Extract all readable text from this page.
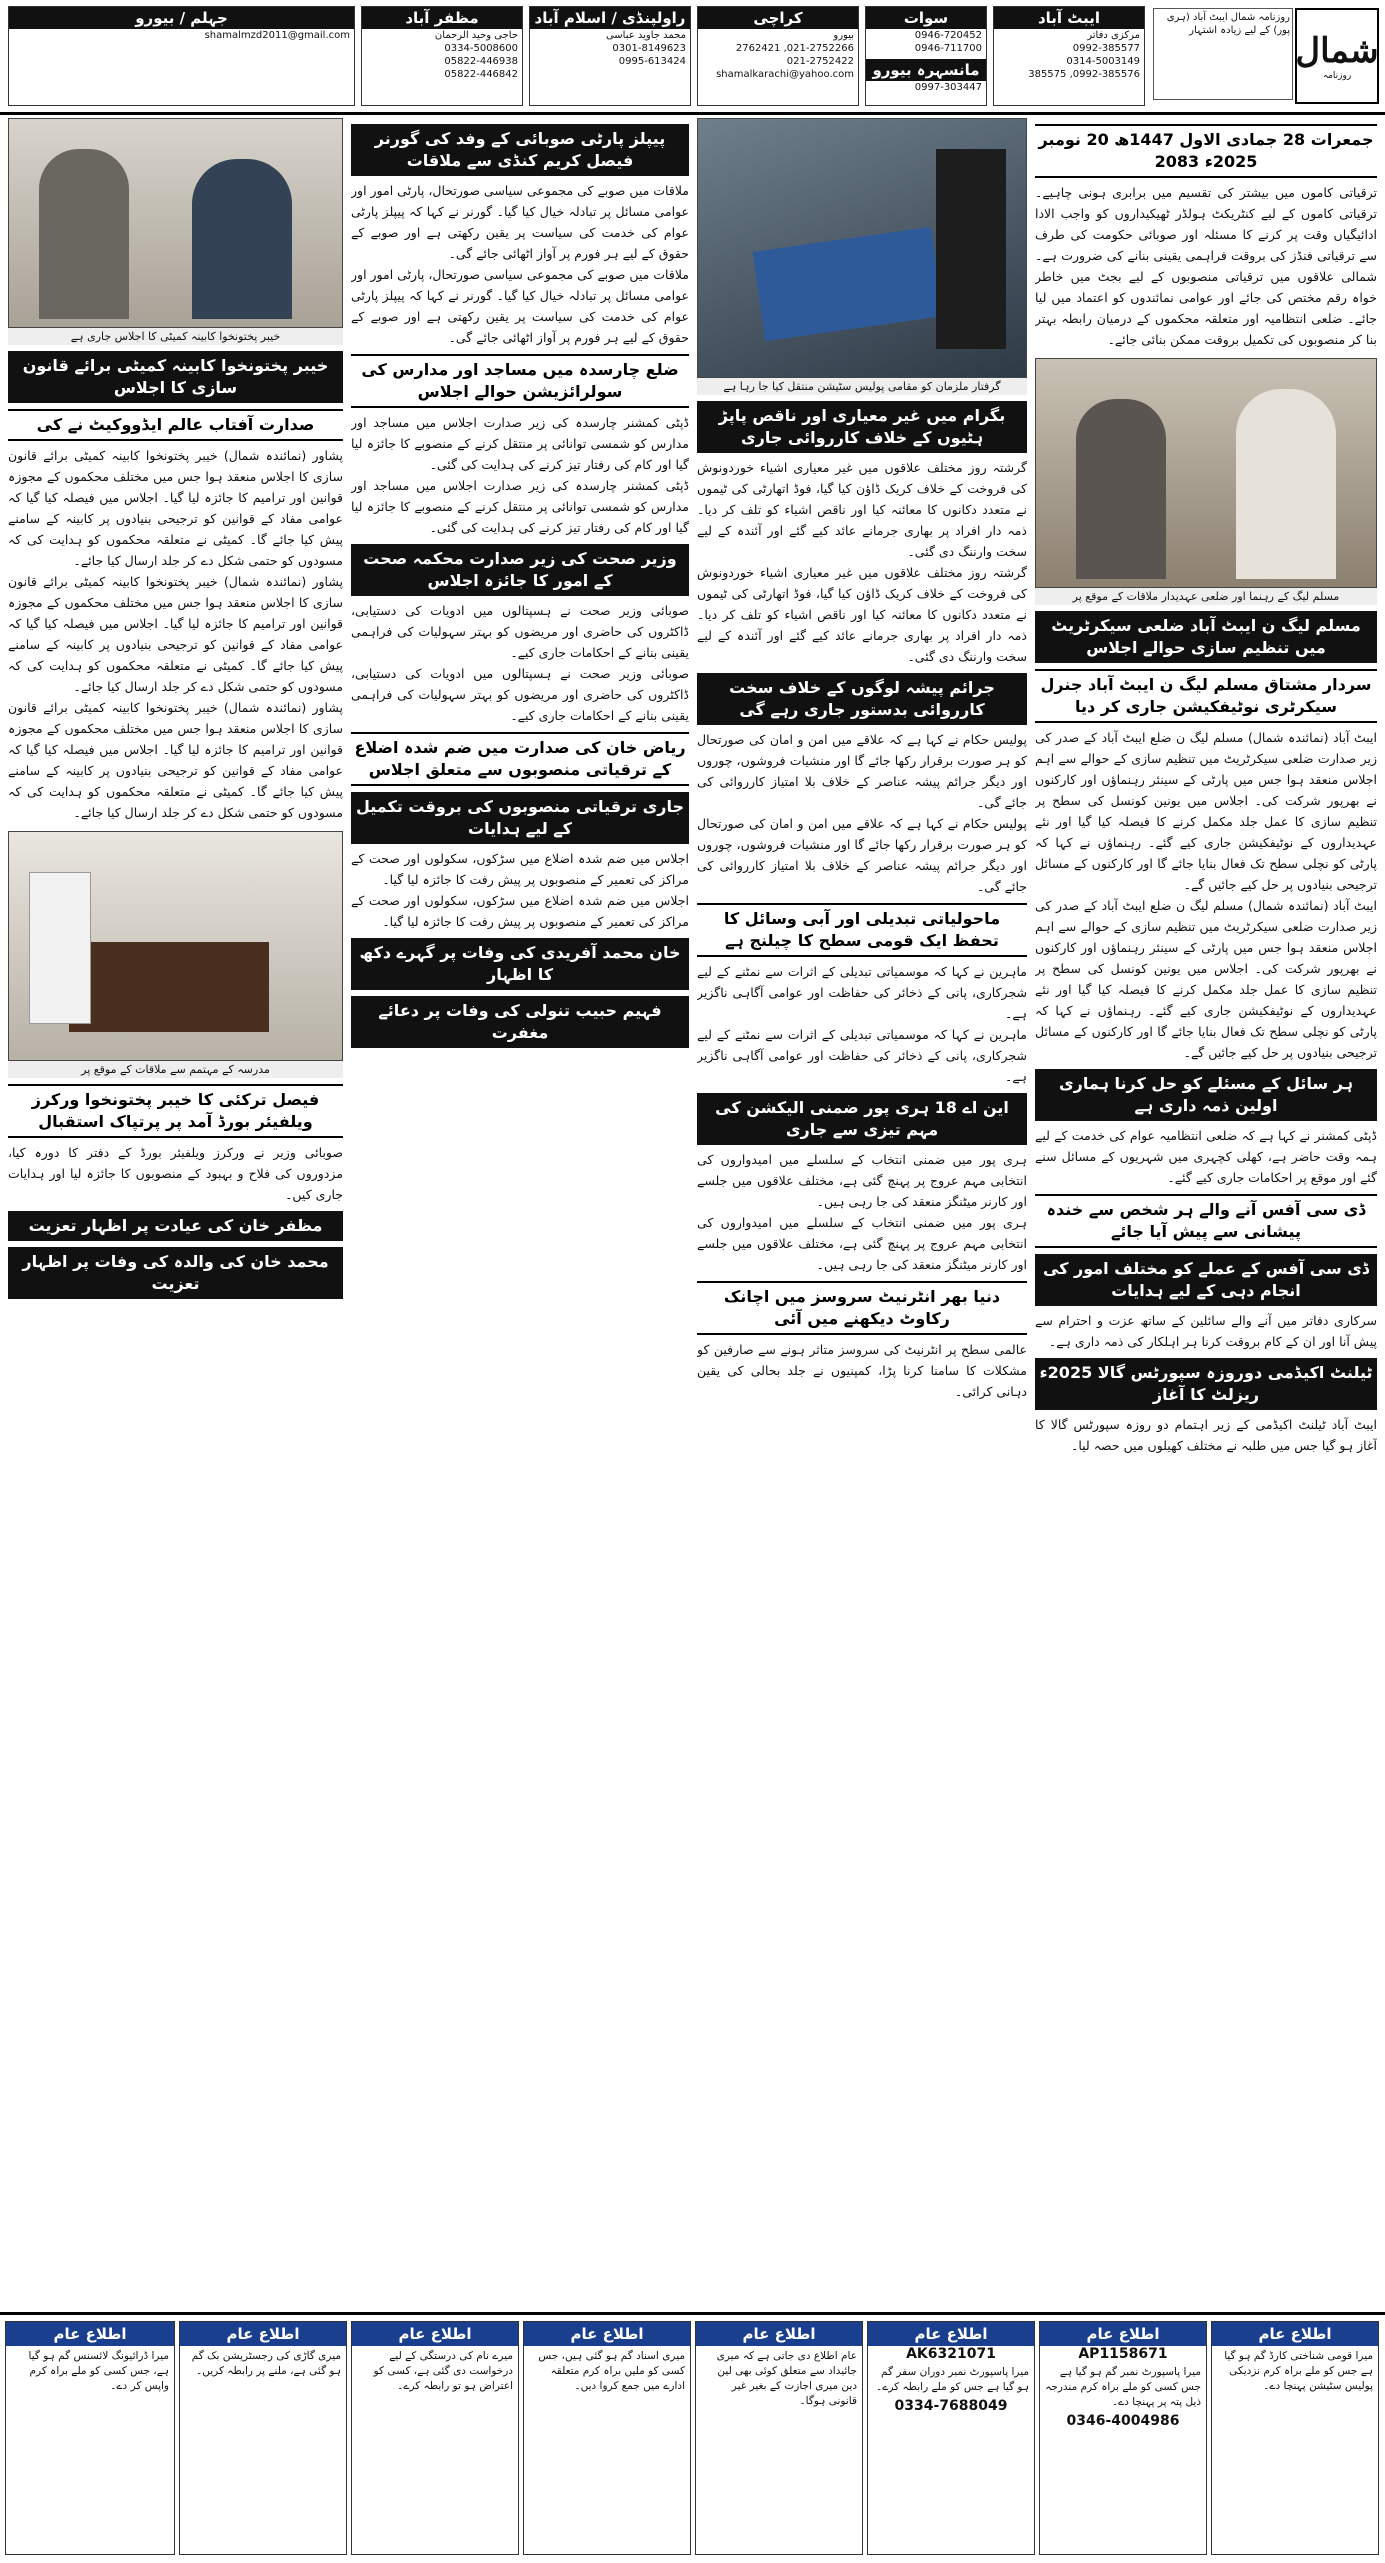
شمال
روزنامہ
روزنامہ شمال ایبٹ آباد (ہری پور) کے لیے زیادہ اشتہار
ایبٹ آباد
مرکزی دفاتر
0992-385577
0314-5003149
0992-385576, 385575
سوات
0946-720452
0946-711700
مانسہرہ بیورو
0997-303447
کراچی
بیورو
021-2752266, 2762421
021-2752422
shamalkarachi@yahoo.com
راولپنڈی / اسلام آباد
محمد جاوید عباسی
0301-8149623
0995-613424
مظفر آباد
حاجی وحید الرحمان
0334-5008600
05822-446938
05822-446842
جہلم / بیورو
shamalmzd2011@gmail.com
جمعرات 28 جمادی الاول 1447ھ 20 نومبر 2025ء 2083

ترقیاتی کاموں میں بیشتر کی تقسیم میں برابری ہونی چاہیے۔ ترقیاتی کاموں کے لیے کنٹریکٹ ہولڈر ٹھیکیداروں کو واجب الادا ادائیگیاں وقت پر کرنے کا مسئلہ اور صوبائی حکومت کی طرف سے ترقیاتی فنڈز کی بروقت فراہمی یقینی بنانے کی ضرورت ہے۔ شمالی علاقوں میں ترقیاتی منصوبوں کے لیے بجٹ میں خاطر خواہ رقم مختص کی جائے اور عوامی نمائندوں کو اعتماد میں لیا جائے۔ ضلعی انتظامیہ اور متعلقہ محکموں کے درمیان رابطہ بہتر بنا کر منصوبوں کی تکمیل بروقت ممکن بنائی جائے۔

مسلم لیگ کے رہنما اور ضلعی عہدیدار ملاقات کے موقع پر
مسلم لیگ ن ایبٹ آباد ضلعی سیکرٹریٹ میں تنظیم سازی حوالے اجلاس
سردار مشتاق مسلم لیگ ن ایبٹ آباد جنرل سیکرٹری نوٹیفکیشن جاری کر دیا

ایبٹ آباد (نمائندہ شمال) مسلم لیگ ن ضلع ایبٹ آباد کے صدر کی زیر صدارت ضلعی سیکرٹریٹ میں تنظیم سازی کے حوالے سے اہم اجلاس منعقد ہوا جس میں پارٹی کے سینئر رہنماؤں اور کارکنوں نے بھرپور شرکت کی۔ اجلاس میں یونین کونسل کی سطح پر تنظیم سازی کا عمل جلد مکمل کرنے کا فیصلہ کیا گیا اور نئے عہدیداروں کے نوٹیفکیشن جاری کیے گئے۔ رہنماؤں نے کہا کہ پارٹی کو نچلی سطح تک فعال بنایا جائے گا اور کارکنوں کے مسائل ترجیحی بنیادوں پر حل کیے جائیں گے۔

ایبٹ آباد (نمائندہ شمال) مسلم لیگ ن ضلع ایبٹ آباد کے صدر کی زیر صدارت ضلعی سیکرٹریٹ میں تنظیم سازی کے حوالے سے اہم اجلاس منعقد ہوا جس میں پارٹی کے سینئر رہنماؤں اور کارکنوں نے بھرپور شرکت کی۔ اجلاس میں یونین کونسل کی سطح پر تنظیم سازی کا عمل جلد مکمل کرنے کا فیصلہ کیا گیا اور نئے عہدیداروں کے نوٹیفکیشن جاری کیے گئے۔ رہنماؤں نے کہا کہ پارٹی کو نچلی سطح تک فعال بنایا جائے گا اور کارکنوں کے مسائل ترجیحی بنیادوں پر حل کیے جائیں گے۔

ہر سائل کے مسئلے کو حل کرنا ہماری اولین ذمہ داری ہے

ڈپٹی کمشنر نے کہا ہے کہ ضلعی انتظامیہ عوام کی خدمت کے لیے ہمہ وقت حاضر ہے، کھلی کچہری میں شہریوں کے مسائل سنے گئے اور موقع پر احکامات جاری کیے گئے۔

ڈی سی آفس آنے والے ہر شخص سے خندہ پیشانی سے پیش آیا جائے
ڈی سی آفس کے عملے کو مختلف امور کی انجام دہی کے لیے ہدایات

سرکاری دفاتر میں آنے والے سائلین کے ساتھ عزت و احترام سے پیش آنا اور ان کے کام بروقت کرنا ہر اہلکار کی ذمہ داری ہے۔

ٹیلنٹ اکیڈمی دوروزہ سپورٹس گالا 2025ء ریزلٹ کا آغاز

ایبٹ آباد ٹیلنٹ اکیڈمی کے زیر اہتمام دو روزہ سپورٹس گالا کا آغاز ہو گیا جس میں طلبہ نے مختلف کھیلوں میں حصہ لیا۔

گرفتار ملزمان کو مقامی پولیس سٹیشن منتقل کیا جا رہا ہے
بگرام میں غیر معیاری اور ناقص پاپڑ ہٹیوں کے خلاف کارروائی جاری

گرشتہ روز مختلف علاقوں میں غیر معیاری اشیاء خوردونوش کی فروخت کے خلاف کریک ڈاؤن کیا گیا، فوڈ اتھارٹی کی ٹیموں نے متعدد دکانوں کا معائنہ کیا اور ناقص اشیاء کو تلف کر دیا۔ ذمہ دار افراد پر بھاری جرمانے عائد کیے گئے اور آئندہ کے لیے سخت وارننگ دی گئی۔

گرشتہ روز مختلف علاقوں میں غیر معیاری اشیاء خوردونوش کی فروخت کے خلاف کریک ڈاؤن کیا گیا، فوڈ اتھارٹی کی ٹیموں نے متعدد دکانوں کا معائنہ کیا اور ناقص اشیاء کو تلف کر دیا۔ ذمہ دار افراد پر بھاری جرمانے عائد کیے گئے اور آئندہ کے لیے سخت وارننگ دی گئی۔

جرائم پیشہ لوگوں کے خلاف سخت کارروائی بدستور جاری رہے گی

پولیس حکام نے کہا ہے کہ علاقے میں امن و امان کی صورتحال کو ہر صورت برقرار رکھا جائے گا اور منشیات فروشوں، چوروں اور دیگر جرائم پیشہ عناصر کے خلاف بلا امتیاز کارروائی کی جائے گی۔

پولیس حکام نے کہا ہے کہ علاقے میں امن و امان کی صورتحال کو ہر صورت برقرار رکھا جائے گا اور منشیات فروشوں، چوروں اور دیگر جرائم پیشہ عناصر کے خلاف بلا امتیاز کارروائی کی جائے گی۔

ماحولیاتی تبدیلی اور آبی وسائل کا تحفظ ایک قومی سطح کا چیلنج ہے

ماہرین نے کہا کہ موسمیاتی تبدیلی کے اثرات سے نمٹنے کے لیے شجرکاری، پانی کے ذخائر کی حفاظت اور عوامی آگاہی ناگزیر ہے۔

ماہرین نے کہا کہ موسمیاتی تبدیلی کے اثرات سے نمٹنے کے لیے شجرکاری، پانی کے ذخائر کی حفاظت اور عوامی آگاہی ناگزیر ہے۔

این اے 18 ہری پور ضمنی الیکشن کی مہم تیزی سے جاری

ہری پور میں ضمنی انتخاب کے سلسلے میں امیدواروں کی انتخابی مہم عروج پر پہنچ گئی ہے، مختلف علاقوں میں جلسے اور کارنر میٹنگز منعقد کی جا رہی ہیں۔

ہری پور میں ضمنی انتخاب کے سلسلے میں امیدواروں کی انتخابی مہم عروج پر پہنچ گئی ہے، مختلف علاقوں میں جلسے اور کارنر میٹنگز منعقد کی جا رہی ہیں۔

دنیا بھر انٹرنیٹ سروسز میں اچانک رکاوٹ دیکھنے میں آئی

عالمی سطح پر انٹرنیٹ کی سروسز متاثر ہونے سے صارفین کو مشکلات کا سامنا کرنا پڑا، کمپنیوں نے جلد بحالی کی یقین دہانی کرائی۔

پیپلز پارٹی صوبائی کے وفد کی گورنر فیصل کریم کنڈی سے ملاقات

ملاقات میں صوبے کی مجموعی سیاسی صورتحال، پارٹی امور اور عوامی مسائل پر تبادلہ خیال کیا گیا۔ گورنر نے کہا کہ پیپلز پارٹی عوام کی خدمت کی سیاست پر یقین رکھتی ہے اور صوبے کے حقوق کے لیے ہر فورم پر آواز اٹھائی جائے گی۔

ملاقات میں صوبے کی مجموعی سیاسی صورتحال، پارٹی امور اور عوامی مسائل پر تبادلہ خیال کیا گیا۔ گورنر نے کہا کہ پیپلز پارٹی عوام کی خدمت کی سیاست پر یقین رکھتی ہے اور صوبے کے حقوق کے لیے ہر فورم پر آواز اٹھائی جائے گی۔

ضلع چارسدہ میں مساجد اور مدارس کی سولرائزیشن حوالے اجلاس

ڈپٹی کمشنر چارسدہ کی زیر صدارت اجلاس میں مساجد اور مدارس کو شمسی توانائی پر منتقل کرنے کے منصوبے کا جائزہ لیا گیا اور کام کی رفتار تیز کرنے کی ہدایت کی گئی۔

ڈپٹی کمشنر چارسدہ کی زیر صدارت اجلاس میں مساجد اور مدارس کو شمسی توانائی پر منتقل کرنے کے منصوبے کا جائزہ لیا گیا اور کام کی رفتار تیز کرنے کی ہدایت کی گئی۔

وزیر صحت کی زیر صدارت محکمہ صحت کے امور کا جائزہ اجلاس

صوبائی وزیر صحت نے ہسپتالوں میں ادویات کی دستیابی، ڈاکٹروں کی حاضری اور مریضوں کو بہتر سہولیات کی فراہمی یقینی بنانے کے احکامات جاری کیے۔

صوبائی وزیر صحت نے ہسپتالوں میں ادویات کی دستیابی، ڈاکٹروں کی حاضری اور مریضوں کو بہتر سہولیات کی فراہمی یقینی بنانے کے احکامات جاری کیے۔

ریاض خان کی صدارت میں ضم شدہ اضلاع کے ترقیاتی منصوبوں سے متعلق اجلاس
جاری ترقیاتی منصوبوں کی بروقت تکمیل کے لیے ہدایات

اجلاس میں ضم شدہ اضلاع میں سڑکوں، سکولوں اور صحت کے مراکز کی تعمیر کے منصوبوں پر پیش رفت کا جائزہ لیا گیا۔

اجلاس میں ضم شدہ اضلاع میں سڑکوں، سکولوں اور صحت کے مراکز کی تعمیر کے منصوبوں پر پیش رفت کا جائزہ لیا گیا۔

خان محمد آفریدی کی وفات پر گہرے دکھ کا اظہار
فہیم حبیب تنولی کی وفات پر دعائے مغفرت
خیبر پختونخوا کابینہ کمیٹی کا اجلاس جاری ہے
خیبر پختونخوا کابینہ کمیٹی برائے قانون سازی کا اجلاس
صدارت آفتاب عالم ایڈووکیٹ نے کی

پشاور (نمائندہ شمال) خیبر پختونخوا کابینہ کمیٹی برائے قانون سازی کا اجلاس منعقد ہوا جس میں مختلف محکموں کے مجوزہ قوانین اور ترامیم کا جائزہ لیا گیا۔ اجلاس میں فیصلہ کیا گیا کہ عوامی مفاد کے قوانین کو ترجیحی بنیادوں پر کابینہ کے سامنے پیش کیا جائے گا۔ کمیٹی نے متعلقہ محکموں کو ہدایت کی کہ مسودوں کو حتمی شکل دے کر جلد ارسال کیا جائے۔

پشاور (نمائندہ شمال) خیبر پختونخوا کابینہ کمیٹی برائے قانون سازی کا اجلاس منعقد ہوا جس میں مختلف محکموں کے مجوزہ قوانین اور ترامیم کا جائزہ لیا گیا۔ اجلاس میں فیصلہ کیا گیا کہ عوامی مفاد کے قوانین کو ترجیحی بنیادوں پر کابینہ کے سامنے پیش کیا جائے گا۔ کمیٹی نے متعلقہ محکموں کو ہدایت کی کہ مسودوں کو حتمی شکل دے کر جلد ارسال کیا جائے۔

پشاور (نمائندہ شمال) خیبر پختونخوا کابینہ کمیٹی برائے قانون سازی کا اجلاس منعقد ہوا جس میں مختلف محکموں کے مجوزہ قوانین اور ترامیم کا جائزہ لیا گیا۔ اجلاس میں فیصلہ کیا گیا کہ عوامی مفاد کے قوانین کو ترجیحی بنیادوں پر کابینہ کے سامنے پیش کیا جائے گا۔ کمیٹی نے متعلقہ محکموں کو ہدایت کی کہ مسودوں کو حتمی شکل دے کر جلد ارسال کیا جائے۔

مدرسہ کے مہتمم سے ملاقات کے موقع پر
فیصل ترکئی کا خیبر پختونخوا ورکرز ویلفیئر بورڈ آمد پر پرتپاک استقبال

صوبائی وزیر نے ورکرز ویلفیئر بورڈ کے دفتر کا دورہ کیا، مزدوروں کی فلاح و بہبود کے منصوبوں کا جائزہ لیا اور ہدایات جاری کیں۔

مظفر خان کی عیادت پر اظہار تعزیت
محمد خان کی والدہ کی وفات پر اظہار تعزیت
اطلاع عام
میرا قومی شناختی کارڈ گم ہو گیا ہے جس کو ملے براہ کرم نزدیکی پولیس سٹیشن پہنچا دے۔
اطلاع عام
AP1158671
میرا پاسپورٹ نمبر گم ہو گیا ہے جس کسی کو ملے براہ کرم مندرجہ ذیل پتہ پر پہنچا دے۔
0346-4004986
اطلاع عام
AK6321071
میرا پاسپورٹ نمبر دوران سفر گم ہو گیا ہے جس کو ملے رابطہ کرے۔
0334-7688049
اطلاع عام
عام اطلاع دی جاتی ہے کہ میری جائیداد سے متعلق کوئی بھی لین دین میری اجازت کے بغیر غیر قانونی ہوگا۔
اطلاع عام
میری اسناد گم ہو گئی ہیں، جس کسی کو ملیں براہ کرم متعلقہ ادارے میں جمع کروا دیں۔
اطلاع عام
میرے نام کی درستگی کے لیے درخواست دی گئی ہے، کسی کو اعتراض ہو تو رابطہ کرے۔
اطلاع عام
میری گاڑی کی رجسٹریشن بک گم ہو گئی ہے، ملنے پر رابطہ کریں۔
اطلاع عام
میرا ڈرائیونگ لائسنس گم ہو گیا ہے، جس کسی کو ملے براہ کرم واپس کر دے۔
